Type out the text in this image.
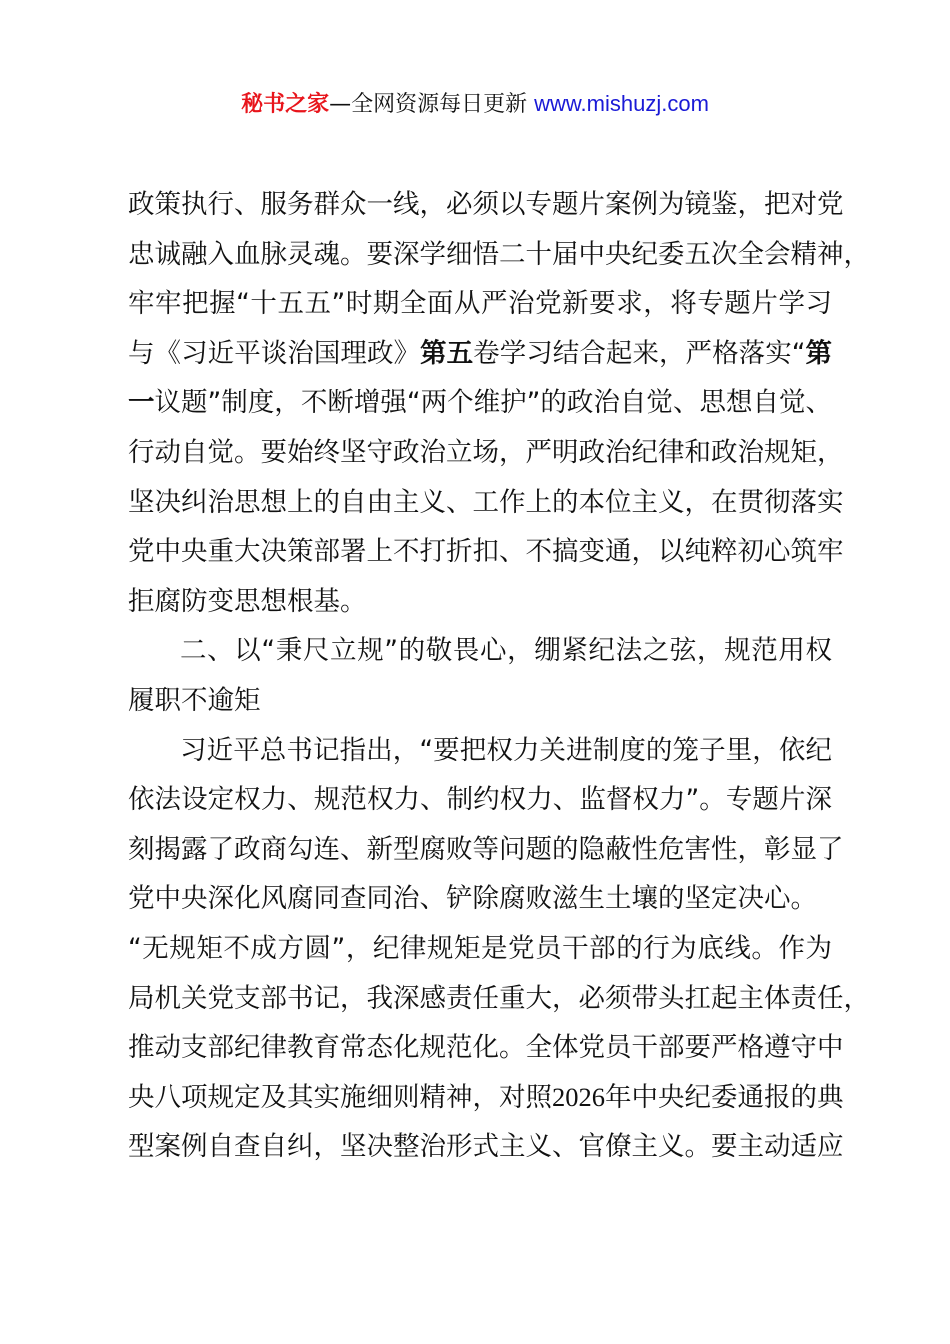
秘书之家—全网资源每日更新 www.mishuzj.com
政策执行、服务群众一线，必须以专题片案例为镜鉴，把对党
忠诚融入血脉灵魂。要深学细悟二十届中央纪委五次全会精神，
牢牢把握“十五五”时期全面从严治党新要求，将专题片学习
与《习近平谈治国理政》第五卷学习结合起来，严格落实“第
一议题”制度，不断增强“两个维护”的政治自觉、思想自觉、
行动自觉。要始终坚守政治立场，严明政治纪律和政治规矩，
坚决纠治思想上的自由主义、工作上的本位主义，在贯彻落实
党中央重大决策部署上不打折扣、不搞变通，以纯粹初心筑牢
拒腐防变思想根基。
二、以“秉尺立规”的敬畏心，绷紧纪法之弦，规范用权
履职不逾矩
习近平总书记指出，“要把权力关进制度的笼子里，依纪
依法设定权力、规范权力、制约权力、监督权力”。专题片深
刻揭露了政商勾连、新型腐败等问题的隐蔽性危害性，彰显了
党中央深化风腐同查同治、铲除腐败滋生土壤的坚定决心。
“无规矩不成方圆”，纪律规矩是党员干部的行为底线。作为
局机关党支部书记，我深感责任重大，必须带头扛起主体责任，
推动支部纪律教育常态化规范化。全体党员干部要严格遵守中
央八项规定及其实施细则精神，对照2026年中央纪委通报的典
型案例自查自纠，坚决整治形式主义、官僚主义。要主动适应
